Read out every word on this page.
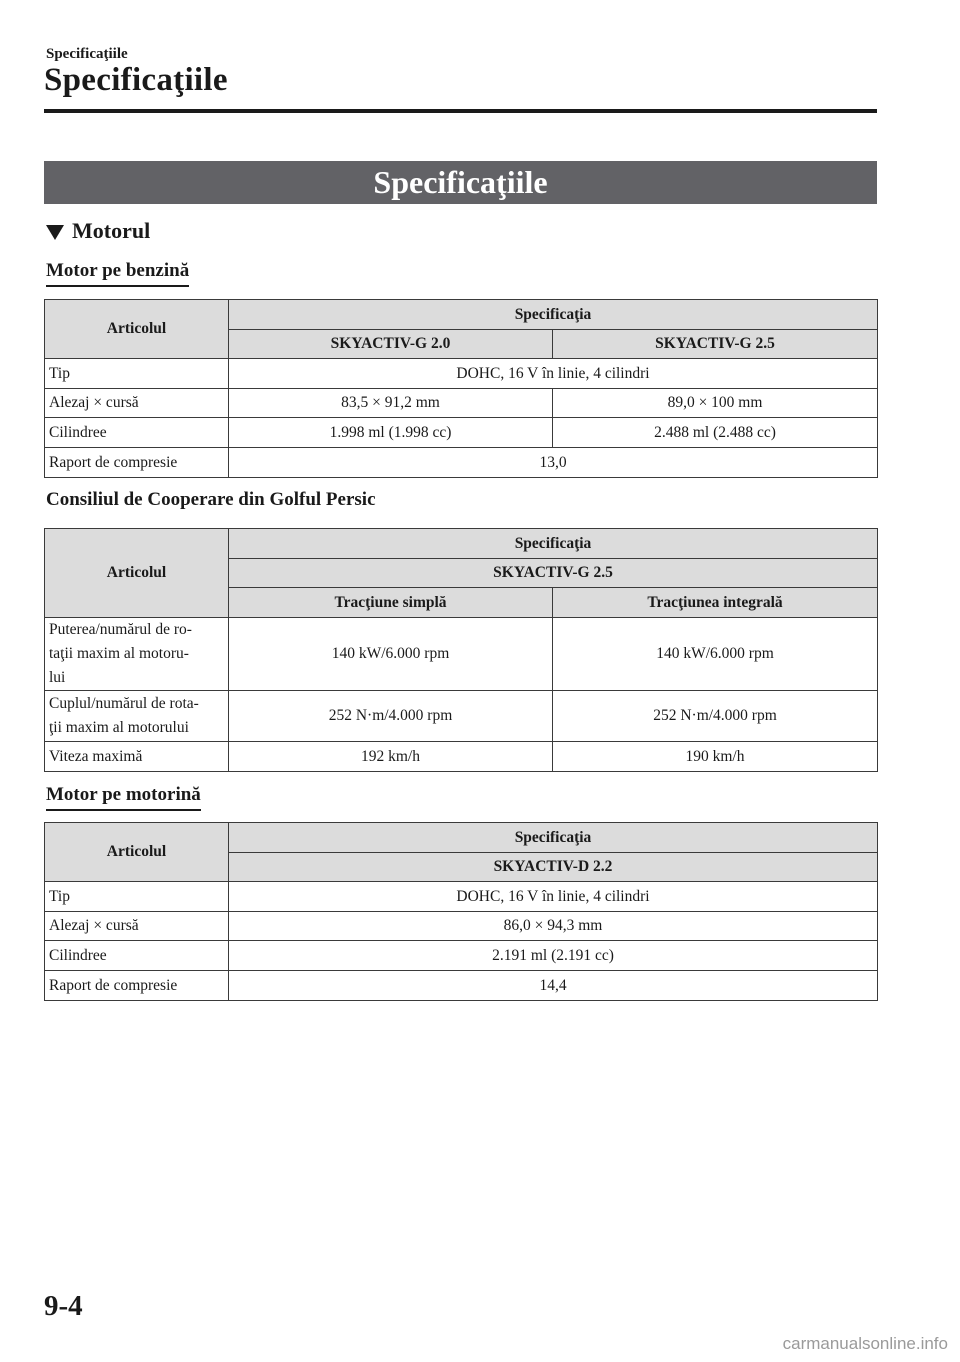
Specificaţiile
Specificaţiile
Specificaţiile
Motorul
Motor pe benzină
Articolul	Specificaţia	
	SKYACTIV-G 2.0	SKYACTIV-G 2.5
Tip	DOHC, 16 V în linie, 4 cilindri	
Alezaj × cursă	83,5 × 91,2 mm	89,0 × 100 mm
Cilindree	1.998 ml (1.998 cc)	2.488 ml (2.488 cc)
Raport de compresie	13,0	
Consiliul de Cooperare din Golful Persic
Articolul	Specificaţia	
	SKYACTIV-G 2.5	
	Tracţiune simplă	Tracţiunea integrală

Puterea/numărul de ro-
taţii maxim al motoru-
lui	140 kW/6.000 rpm	140 kW/6.000 rpm

Cuplul/numărul de rota-
ţii maxim al motorului	252 N·m/4.000 rpm	252 N·m/4.000 rpm
Viteza maximă	192 km/h	190 km/h
Motor pe motorină
Articolul	Specificaţia
	SKYACTIV-D 2.2
Tip	DOHC, 16 V în linie, 4 cilindri
Alezaj × cursă	86,0 × 94,3 mm
Cilindree	2.191 ml (2.191 cc)
Raport de compresie	14,4
9-4
carmanualsonline.info
